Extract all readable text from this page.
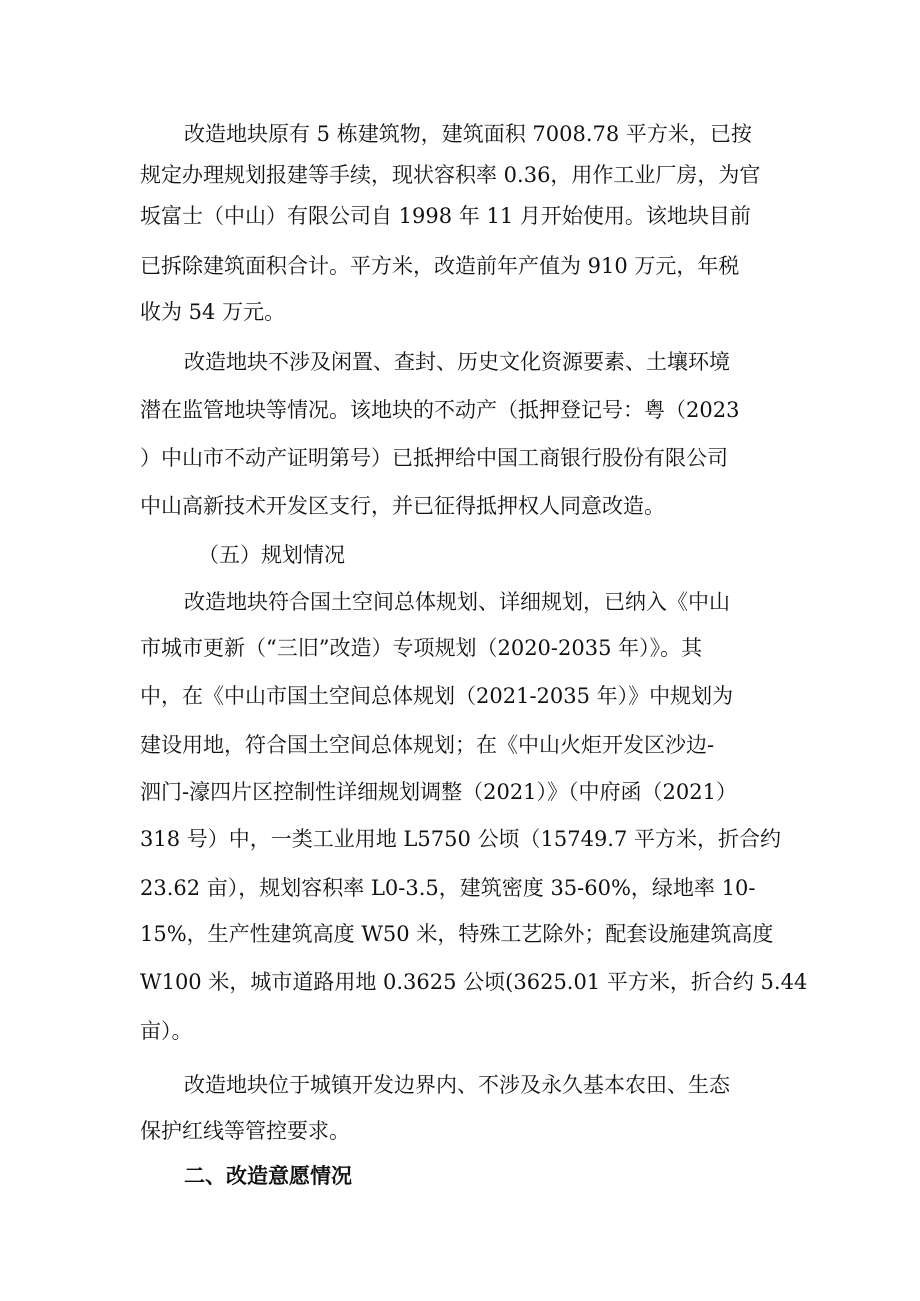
改造地块原有 5 栋建筑物，建筑面积 7008.78 平方米，已按
规定办理规划报建等手续，现状容积率 0.36，用作工业厂房，为官
坂富士（中山）有限公司自 1998 年 11 月开始使用。该地块目前
已拆除建筑面积合计。平方米，改造前年产值为 910 万元，年税
收为 54 万元。
改造地块不涉及闲置、查封、历史文化资源要素、土壤环境
潜在监管地块等情况。该地块的不动产（抵押登记号：粤（2023
）中山市不动产证明第号）已抵押给中国工商银行股份有限公司
中山高新技术开发区支行，并已征得抵押权人同意改造。
（五）规划情况
改造地块符合国土空间总体规划、详细规划，已纳入《中山
市城市更新（“三旧”改造）专项规划（2020-2035 年）》。其
中，在《中山市国土空间总体规划（2021-2035 年）》中规划为
建设用地，符合国土空间总体规划；在《中山火炬开发区沙边-
泗门-濠四片区控制性详细规划调整（2021）》（中府函（2021）
318 号）中，一类工业用地 L5750 公顷（15749.7 平方米，折合约
23.62 亩），规划容积率 L0-3.5，建筑密度 35-60%，绿地率 10-
15%，生产性建筑高度 W50 米，特殊工艺除外；配套设施建筑高度
W100 米，城市道路用地 0.3625 公顷(3625.01 平方米，折合约 5.44
亩）。
改造地块位于城镇开发边界内、不涉及永久基本农田、生态
保护红线等管控要求。
二、改造意愿情况
